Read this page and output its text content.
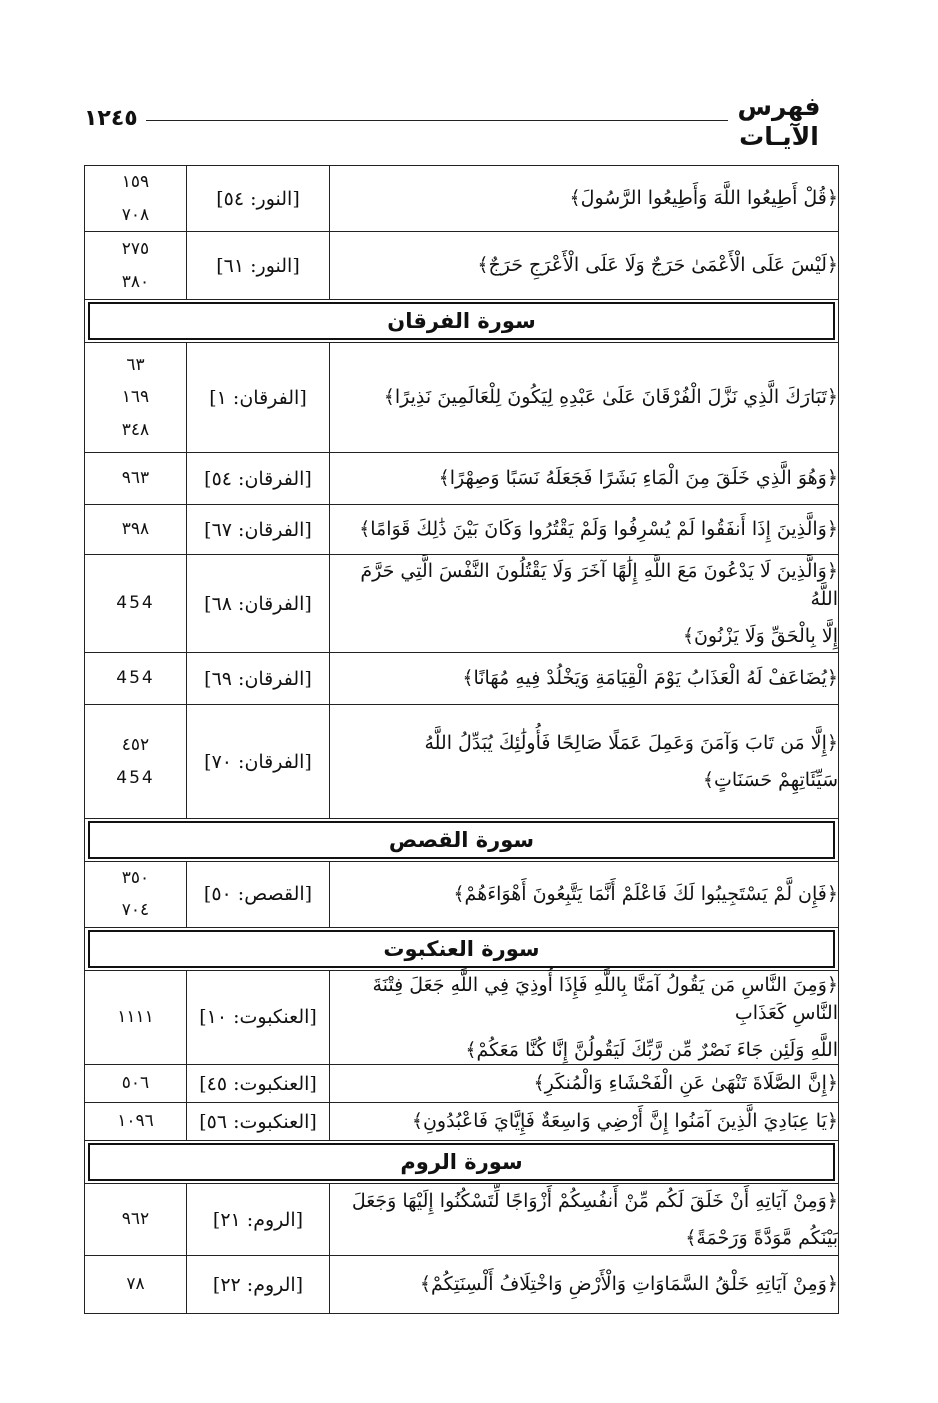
فهرس
الآيـات
١٢٤٥
﴿قُلْ أَطِيعُوا اللَّهَ وَأَطِيعُوا الرَّسُولَ﴾	[النور: ٥٤]	١٥٩
٧٠٨

﴿لَيْسَ عَلَى الْأَعْمَىٰ حَرَجٌ وَلَا عَلَى الْأَعْرَجِ حَرَجٌ﴾	[النور: ٦١]	٢٧٥
٣٨٠

سورة الفرقان		

﴿تَبَارَكَ الَّذِي نَزَّلَ الْفُرْقَانَ عَلَىٰ عَبْدِهِ لِيَكُونَ لِلْعَالَمِينَ نَذِيرًا﴾	[الفرقان: ١]	٦٣
١٦٩
٣٤٨

﴿وَهُوَ الَّذِي خَلَقَ مِنَ الْمَاءِ بَشَرًا فَجَعَلَهُ نَسَبًا وَصِهْرًا﴾	[الفرقان: ٥٤]	٩٦٣

﴿وَالَّذِينَ إِذَا أَنفَقُوا لَمْ يُسْرِفُوا وَلَمْ يَقْتُرُوا وَكَانَ بَيْنَ ذَٰلِكَ قَوَامًا﴾	[الفرقان: ٦٧]	٣٩٨

﴿وَالَّذِينَ لَا يَدْعُونَ مَعَ اللَّهِ إِلَٰهًا آخَرَ وَلَا يَقْتُلُونَ النَّفْسَ الَّتِي حَرَّمَ اللَّهُ
إِلَّا بِالْحَقِّ وَلَا يَزْنُونَ﴾	[الفرقان: ٦٨]	454

﴿يُضَاعَفْ لَهُ الْعَذَابُ يَوْمَ الْقِيَامَةِ وَيَخْلُدْ فِيهِ مُهَانًا﴾	[الفرقان: ٦٩]	454

﴿إِلَّا مَن تَابَ وَآمَنَ وَعَمِلَ عَمَلًا صَالِحًا فَأُولَٰئِكَ يُبَدِّلُ اللَّهُ
سَيِّئَاتِهِمْ حَسَنَاتٍ﴾	[الفرقان: ٧٠]	٤٥٢
454

سورة القصص		

﴿فَإِن لَّمْ يَسْتَجِيبُوا لَكَ فَاعْلَمْ أَنَّمَا يَتَّبِعُونَ أَهْوَاءَهُمْ﴾	[القصص: ٥٠]	٣٥٠
٧٠٤

سورة العنكبوت		

﴿وَمِنَ النَّاسِ مَن يَقُولُ آمَنَّا بِاللَّهِ فَإِذَا أُوذِيَ فِي اللَّهِ جَعَلَ فِتْنَةَ النَّاسِ كَعَذَابِ
اللَّهِ وَلَئِن جَاءَ نَصْرٌ مِّن رَّبِّكَ لَيَقُولُنَّ إِنَّا كُنَّا مَعَكُمْ﴾	[العنكبوت: ١٠]	١١١١

﴿إِنَّ الصَّلَاةَ تَنْهَىٰ عَنِ الْفَحْشَاءِ وَالْمُنكَرِ﴾	[العنكبوت: ٤٥]	٥٠٦

﴿يَا عِبَادِيَ الَّذِينَ آمَنُوا إِنَّ أَرْضِي وَاسِعَةٌ فَإِيَّايَ فَاعْبُدُونِ﴾	[العنكبوت: ٥٦]	١٠٩٦

سورة الروم		

﴿وَمِنْ آيَاتِهِ أَنْ خَلَقَ لَكُم مِّنْ أَنفُسِكُمْ أَزْوَاجًا لِّتَسْكُنُوا إِلَيْهَا وَجَعَلَ
بَيْنَكُم مَّوَدَّةً وَرَحْمَةً﴾	[الروم: ٢١]	٩٦٢

﴿وَمِنْ آيَاتِهِ خَلْقُ السَّمَاوَاتِ وَالْأَرْضِ وَاخْتِلَافُ أَلْسِنَتِكُمْ﴾	[الروم: ٢٢]	٧٨
